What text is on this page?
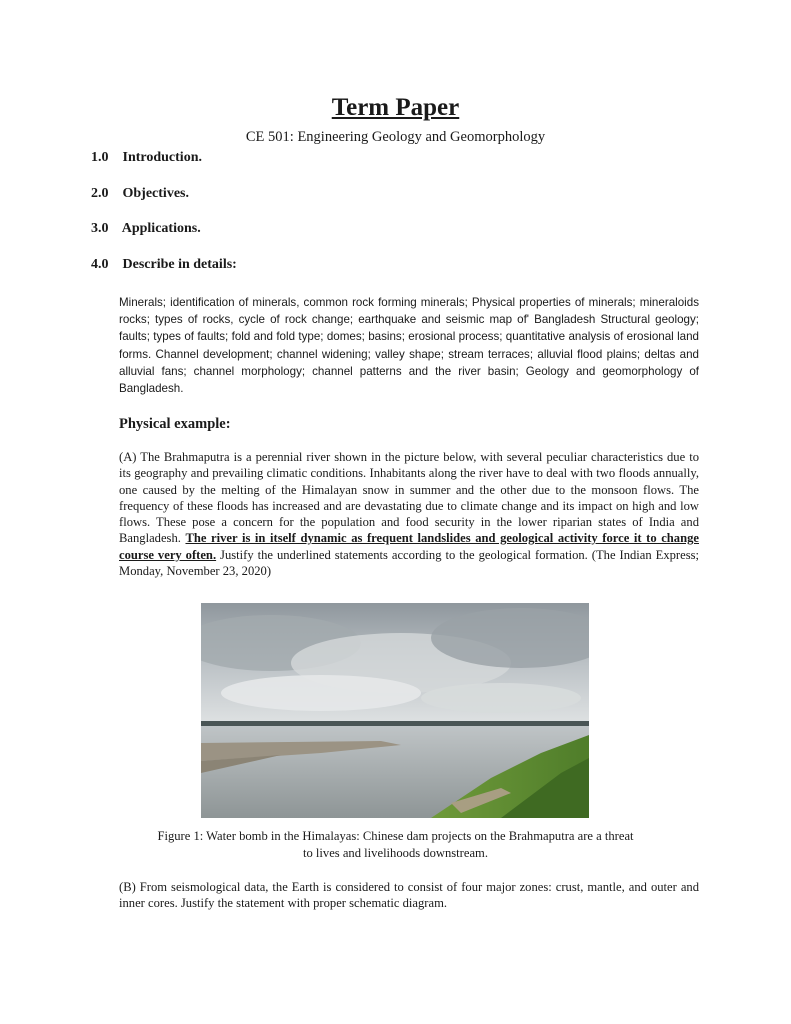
Term Paper
CE 501: Engineering Geology and Geomorphology
1.0 Introduction.
2.0 Objectives.
3.0 Applications.
4.0 Describe in details:
Minerals; identification of minerals, common rock forming minerals; Physical properties of minerals; mineraloids rocks; types of rocks, cycle of rock change; earthquake and seismic map of' Bangladesh Structural geology; faults; types of faults; fold and fold type; domes; basins; erosional process; quantitative analysis of erosional land forms. Channel development; channel widening; valley shape; stream terraces; alluvial flood plains; deltas and alluvial fans; channel morphology; channel patterns and the river basin; Geology and geomorphology of Bangladesh.
Physical example:
(A) The Brahmaputra is a perennial river shown in the picture below, with several peculiar characteristics due to its geography and prevailing climatic conditions. Inhabitants along the river have to deal with two floods annually, one caused by the melting of the Himalayan snow in summer and the other due to the monsoon flows. The frequency of these floods has increased and are devastating due to climate change and its impact on high and low flows. These pose a concern for the population and food security in the lower riparian states of India and Bangladesh. The river is in itself dynamic as frequent landslides and geological activity force it to change course very often. Justify the underlined statements according to the geological formation. (The Indian Express; Monday, November 23, 2020)
Figure 1: Water bomb in the Himalayas: Chinese dam projects on the Brahmaputra are a threat
to lives and livelihoods downstream.
(B) From seismological data, the Earth is considered to consist of four major zones: crust, mantle, and outer and inner cores. Justify the statement with proper schematic diagram.
